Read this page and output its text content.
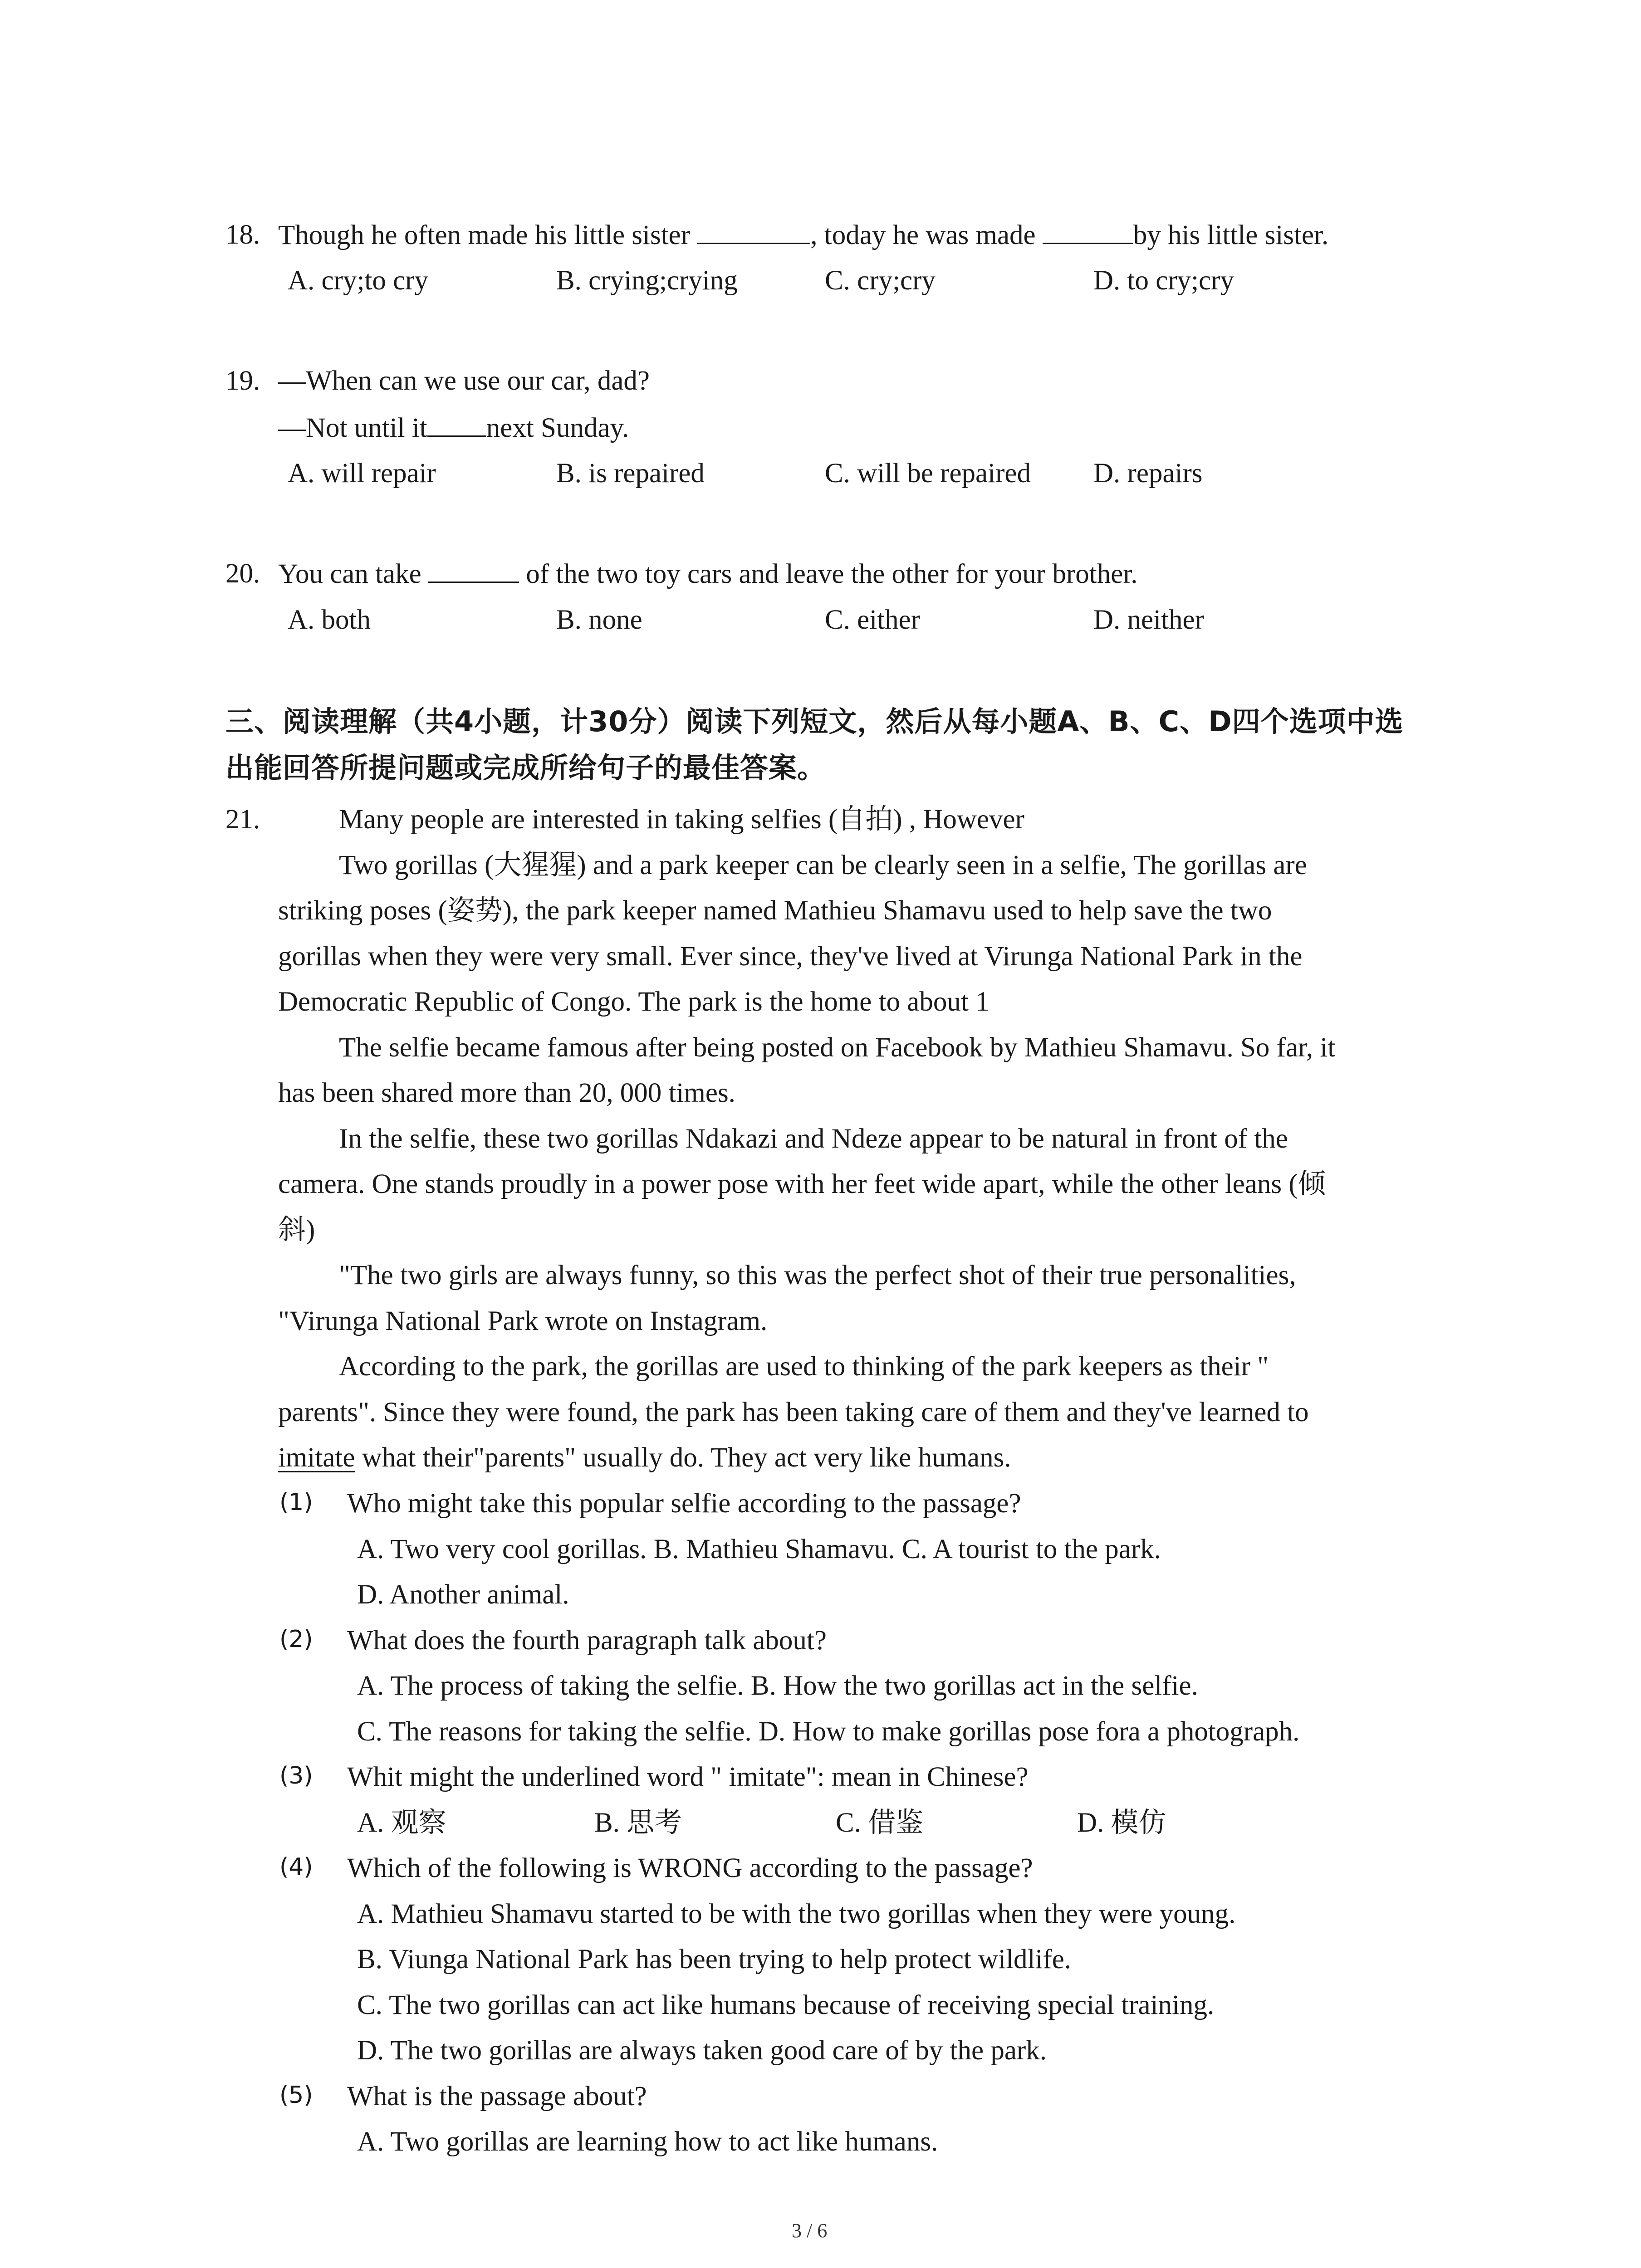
18. Though he often made his little sister	, today he was made	by his little sister.
A. cry;to cry	B. crying;crying	C. cry;cry	D. to cry;cry
19. —When can we use our car, dad?
—Not until it next Sunday.
A. will repair	B. is repaired	C. will be repaired D. repairs
20. You can take	of the two toy cars and leave the other for your brother.
A. both	B. none	C. either	D. neither
三、阅读理解（共4小题，计30分）阅读下列短文，然后从每小题A、B、C、D四个选项中选
出能回答所提问题或完成所给句子的最佳答案。
21.	Many people are interested in taking selfies (自拍) , However
Two gorillas (大猩猩) and a park keeper can be clearly seen in a selfie, The gorillas are
striking poses (姿势), the park keeper named Mathieu Shamavu used to help save the two
gorillas when they were very small. Ever since, they've lived at Virunga National Park in the
Democratic Republic of Congo. The park is the home to about 1
The selfie became famous after being posted on Facebook by Mathieu Shamavu. So far, it
has been shared more than 20, 000 times.
In the selfie, these two gorillas Ndakazi and Ndeze appear to be natural in front of the
camera. One stands proudly in a power pose with her feet wide apart, while the other leans (倾
斜)
"The two girls are always funny, so this was the perfect shot of their true personalities,
"Virunga National Park wrote on Instagram.
According to the park, the gorillas are used to thinking of the park keepers as their "
parents". Since they were found, the park has been taking care of them and they've learned to
imitate what their"parents" usually do. They act very like humans.
(1) Who might take this popular selfie according to the passage?
A. Two very cool gorillas. B. Mathieu Shamavu. C. A tourist to the park.
D. Another animal.
(2) What does the fourth paragraph talk about?
A. The process of taking the selfie. B. How the two gorillas act in the selfie.
C. The reasons for taking the selfie. D. How to make gorillas pose fora a photograph.
(3) Whit might the underlined word " imitate": mean in Chinese?
A. 观察	B. 思考	C. 借鉴	D. 模仿
(4) Which of the following is WRONG according to the passage?
A. Mathieu Shamavu started to be with the two gorillas when they were young.
B. Viunga National Park has been trying to help protect wildlife.
C. The two gorillas can act like humans because of receiving special training.
D. The two gorillas are always taken good care of by the park.
(5) What is the passage about?
A. Two gorillas are learning how to act like humans.
3 / 6
